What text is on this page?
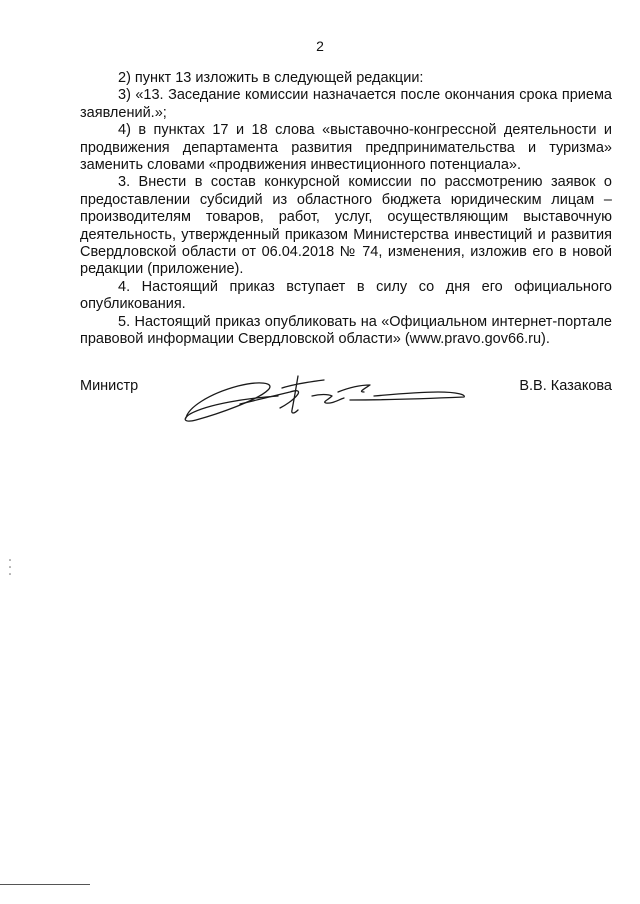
2

2) пункт 13 изложить в следующей редакции:

3) «13. Заседание комиссии назначается после окончания срока приема заявлений.»;

4) в пунктах 17 и 18 слова «выставочно-конгрессной деятельности и продвижения департамента развития предпринимательства и туризма» заменить словами «продвижения инвестиционного потенциала».

3. Внести в состав конкурсной комиссии по рассмотрению заявок о предоставлении субсидий из областного бюджета юридическим лицам – производителям товаров, работ, услуг, осуществляющим выставочную деятельность, утвержденный приказом Министерства инвестиций и развития Свердловской области от 06.04.2018 № 74, изменения, изложив его в новой редакции (приложение).

4. Настоящий приказ вступает в силу со дня его официального опубликования.

5. Настоящий приказ опубликовать на «Официальном интернет-портале правовой информации Свердловской области» (www.pravo.gov66.ru).

Министр	В.В. Казакова
